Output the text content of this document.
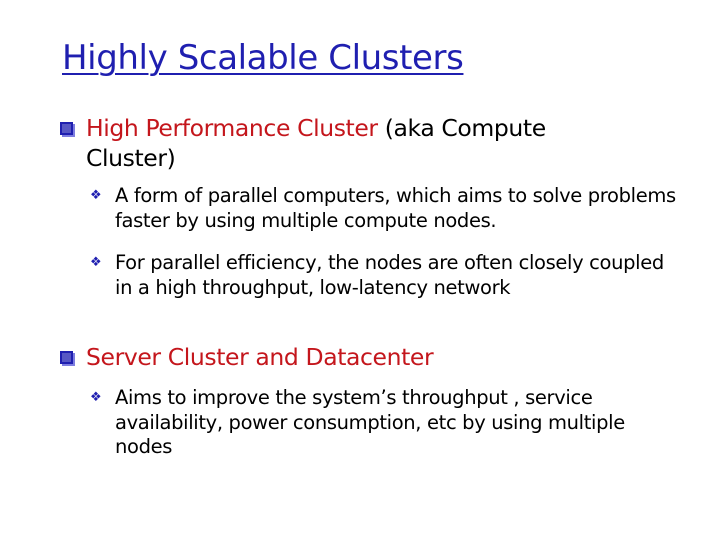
Highly Scalable Clusters
High Performance Cluster (aka Compute Cluster)
❖ A form of parallel computers, which aims to solve problems faster by using multiple compute nodes.
❖ For parallel efficiency, the nodes are often closely coupled in a high throughput, low-latency network
Server Cluster and Datacenter
❖ Aims to improve the system’s throughput , service availability, power consumption, etc by using multiple nodes
